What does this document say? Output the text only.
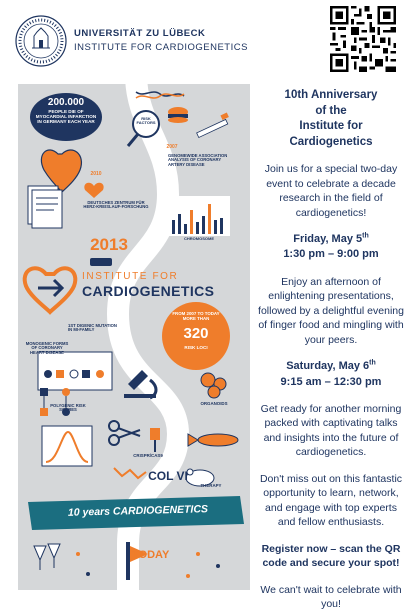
UNIVERSITÄT ZU LÜBECK
INSTITUTE FOR CARDIOGENETICS
200.000
PEOPLE DIE OF MYOCARDIAL INFARCTION IN GERMANY EACH YEAR
RISK FACTORS
2007
GENOMEWIDE ASSOCIATION ANALYSIS OF CORONARY ARTERY DISEASE
2010
DEUTSCHES ZENTRUM FÜR HERZ-KREISLAUF-FORSCHUNG
CHROMOSOME
2013
INSTITUTE FOR
CARDIOGENETICS
FROM 2007 TO TODAY MORE THAN
320
RISK LOCI
1ST DIGENIC MUTATION IN MI-FAMILY
MONOGENIC FORMS OF CORONARY HEART DISEASE
POLYGENIC RISK SCORES
ORGANOIDS
CRISPR/CAS9
COL VI
THERAPY
10 years CARDIOGENETICS
TODAY
10th Anniversary
of the
Institute for
Cardiogenetics

Join us for a special two-day event to celebrate a decade research in the field of cardiogenetics!

Friday, May 5th
1:30 pm – 9:00 pm

Enjoy an afternoon of enlightening presentations, followed by a delightful evening of finger food and mingling with your peers.

Saturday, May 6th
9:15 am – 12:30 pm

Get ready for another morning packed with captivating talks and insights into the future of cardiogenetics.

Don't miss out on this fantastic opportunity to learn, network, and engage with top experts and fellow enthusiasts.

Register now – scan the QR code and secure your spot!

We can't wait to celebrate with you!
